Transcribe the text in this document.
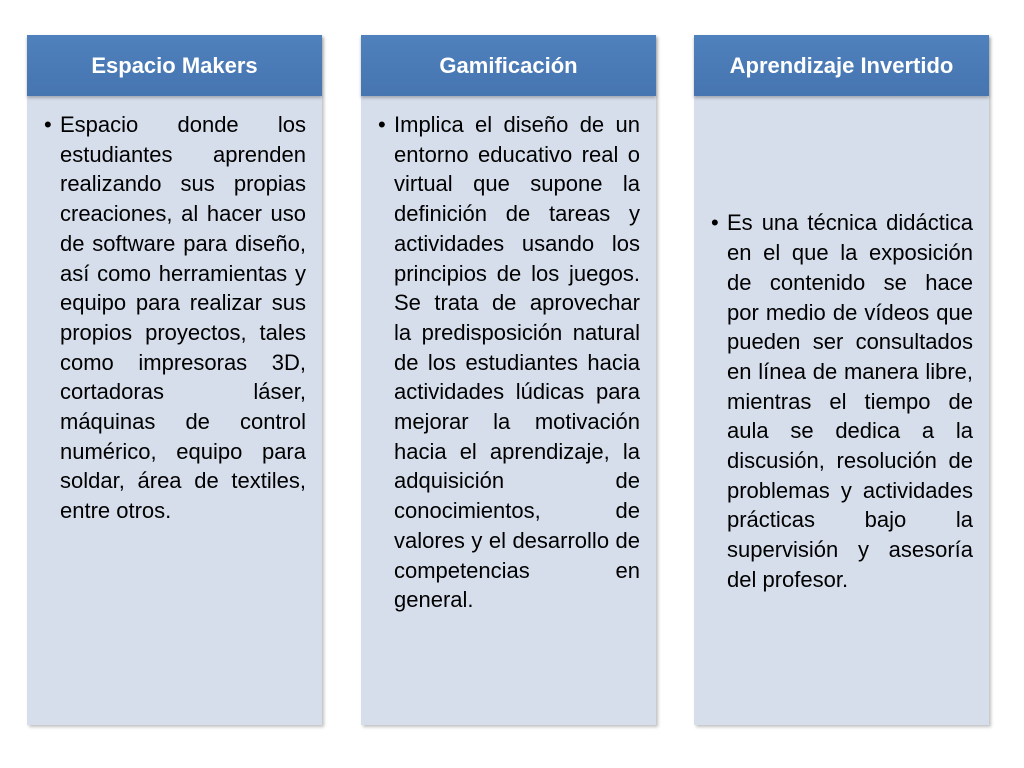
Espacio Makers
• Espacio donde los estudiantes aprenden realizando sus propias creaciones, al hacer uso de software para diseño, así como herramientas y equipo para realizar sus propios proyectos, tales como impresoras 3D, cortadoras láser, máquinas de control numérico, equipo para soldar, área de textiles, entre otros.
Gamificación
• Implica el diseño de un entorno educativo real o virtual que supone la definición de tareas y actividades usando los principios de los juegos. Se trata de aprovechar la predisposición natural de los estudiantes hacia actividades lúdicas para mejorar la motivación hacia el aprendizaje, la adquisición de conocimientos, de valores y el desarrollo de competencias en general.
Aprendizaje Invertido
• Es una técnica didáctica en el que la exposición de contenido se hace por medio de vídeos que pueden ser consultados en línea de manera libre, mientras el tiempo de aula se dedica a la discusión, resolución de problemas y actividades prácticas bajo la supervisión y asesoría del profesor.
